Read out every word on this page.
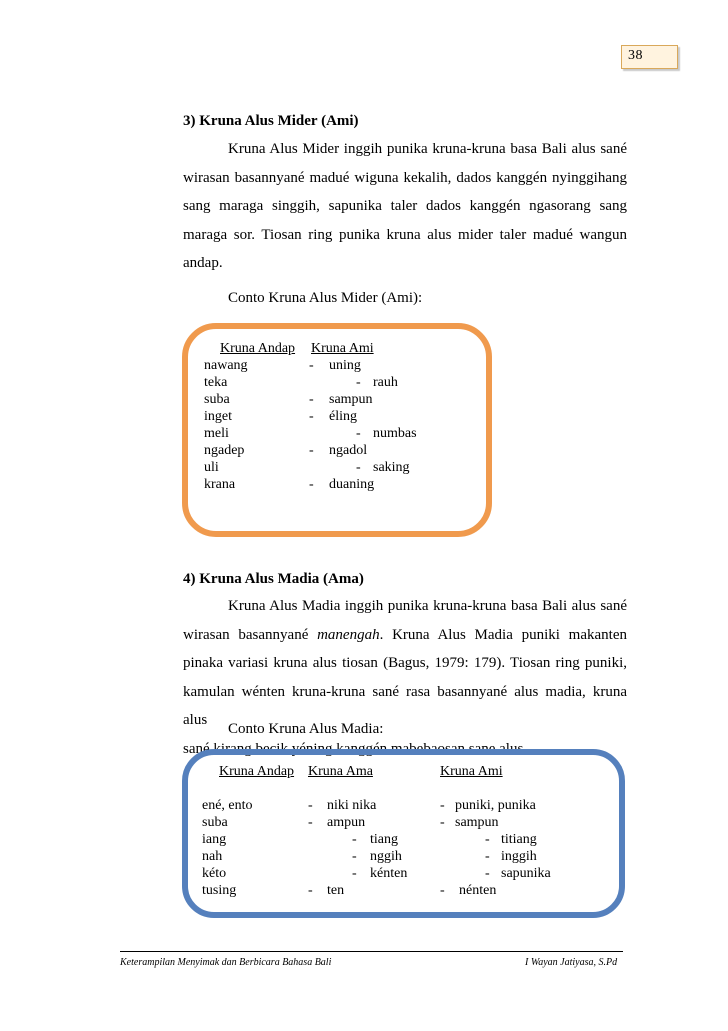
38
3) Kruna Alus Mider (Ami)
Kruna Alus Mider inggih punika kruna-kruna basa Bali alus sané
wirasan basannyané madué wiguna kekalih, dados kanggén nyinggihang
sang maraga singgih, sapunika taler dados kanggén ngasorang sang
maraga sor. Tiosan ring punika kruna alus mider taler madué wangun
andap.
Conto Kruna Alus Mider (Ami):
Kruna Andap Kruna Ami
nawang	- uning
teka	- rauh
suba	- sampun
inget	- éling
meli	- numbas
ngadep	- ngadol
uli	- saking
krana	- duaning
4) Kruna Alus Madia (Ama)
Kruna Alus Madia inggih punika kruna-kruna basa Bali alus sané
wirasan basannyané manengah. Kruna Alus Madia puniki makanten
pinaka variasi kruna alus tiosan (Bagus, 1979: 179). Tiosan ring puniki,
kamulan wénten kruna-kruna sané rasa basannyané alus madia, kruna alus
sané kirang becik yéning kanggén mabebaosan sane alus.
Conto Kruna Alus Madia:
Kruna Andap Kruna Ama	Kruna Ami
ené, ento	- niki nika	- puniki, punika
suba	- ampun	- sampun
iang	- tiang	- titiang
nah	- nggih	- inggih
kéto	- kénten	- sapunika
tusing	- ten	- nénten
Keterampilan Menyimak dan Berbicara Bahasa Bali	I Wayan Jatiyasa, S.Pd
